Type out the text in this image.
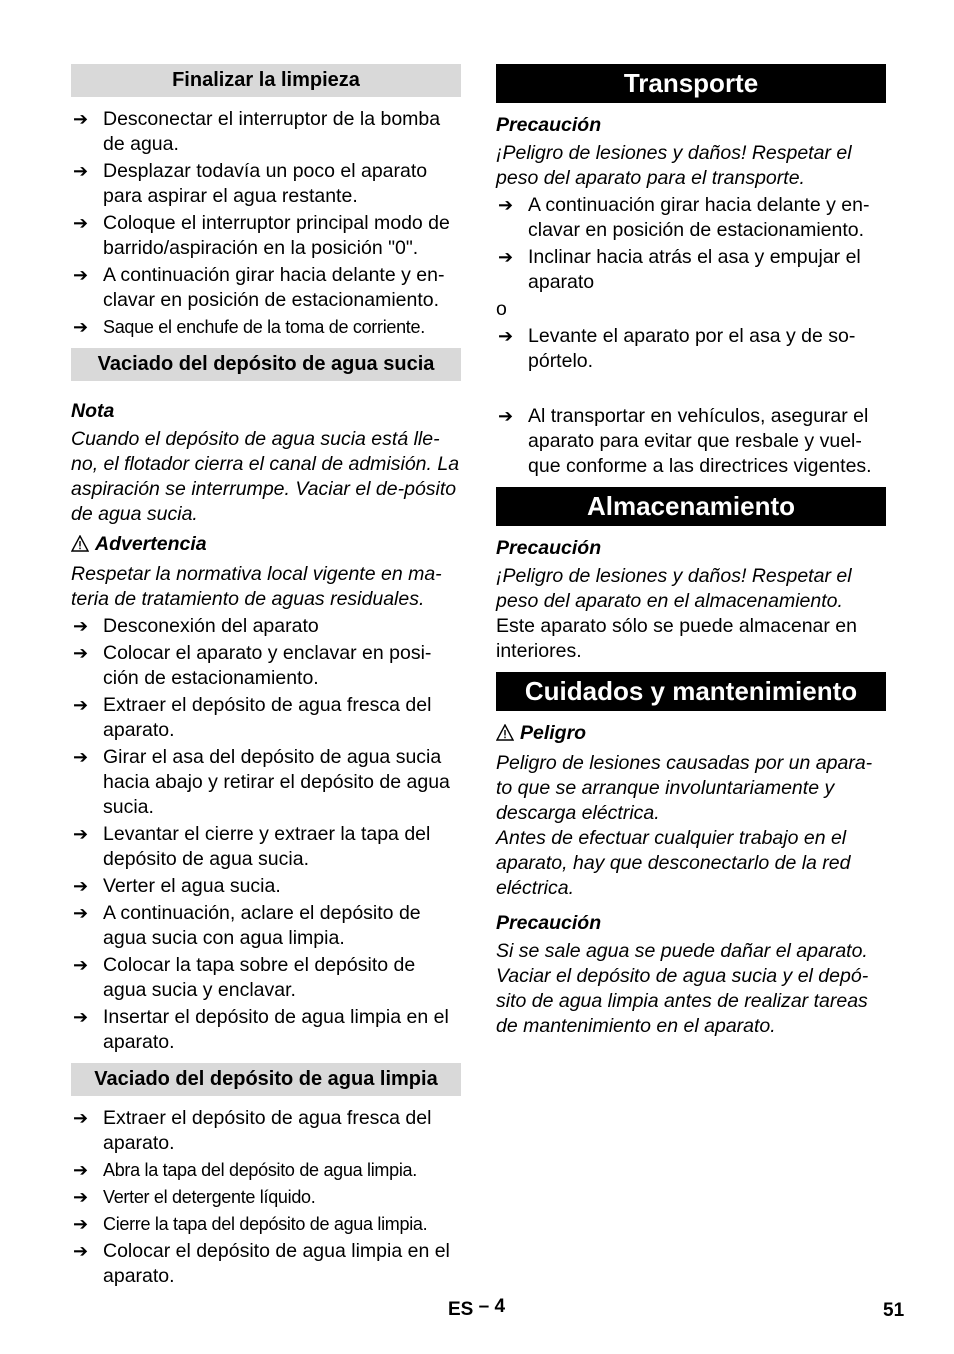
Finalizar la limpieza
➔ Desconectar el interruptor de la bomba de agua.
➔ Desplazar todavía un poco el aparato para aspirar el agua restante.
➔ Coloque el interruptor principal modo de barrido/aspiración en la posición "0".
➔ A continuación girar hacia delante y en-clavar en posición de estacionamiento.
➔ Saque el enchufe de la toma de corriente.
Vaciado del depósito de agua sucia
Nota
Cuando el depósito de agua sucia está lle-no, el flotador cierra el canal de admisión. La aspiración se interrumpe. Vaciar el de-pósito de agua sucia.
Advertencia
Respetar la normativa local vigente en ma-teria de tratamiento de aguas residuales.
➔ Desconexión del aparato
➔ Colocar el aparato y enclavar en posi-ción de estacionamiento.
➔ Extraer el depósito de agua fresca del aparato.
➔ Girar el asa del depósito de agua sucia hacia abajo y retirar el depósito de agua sucia.
➔ Levantar el cierre y extraer la tapa del depósito de agua sucia.
➔ Verter el agua sucia.
➔ A continuación, aclare el depósito de agua sucia con agua limpia.
➔ Colocar la tapa sobre el depósito de agua sucia y enclavar.
➔ Insertar el depósito de agua limpia en el aparato.
Vaciado del depósito de agua limpia
➔ Extraer el depósito de agua fresca del aparato.
➔ Abra la tapa del depósito de agua limpia.
➔ Verter el detergente líquido.
➔ Cierre la tapa del depósito de agua limpia.
➔ Colocar el depósito de agua limpia en el aparato.
Transporte
Precaución
¡Peligro de lesiones y daños! Respetar el peso del aparato para el transporte.
➔ A continuación girar hacia delante y en-clavar en posición de estacionamiento.
➔ Inclinar hacia atrás el asa y empujar el aparato
o
➔ Levante el aparato por el asa y de so-pórtelo.
➔ Al transportar en vehículos, asegurar el aparato para evitar que resbale y vuel-que conforme a las directrices vigentes.
Almacenamiento
Precaución
¡Peligro de lesiones y daños! Respetar el peso del aparato en el almacenamiento.
Este aparato sólo se puede almacenar en interiores.
Cuidados y mantenimiento
Peligro
Peligro de lesiones causadas por un apara-to que se arranque involuntariamente y descarga eléctrica.
Antes de efectuar cualquier trabajo en el aparato, hay que desconectarlo de la red eléctrica.
Precaución
Si se sale agua se puede dañar el aparato. Vaciar el depósito de agua sucia y el depó-sito de agua limpia antes de realizar tareas de mantenimiento en el aparato.
ES – 4	51
